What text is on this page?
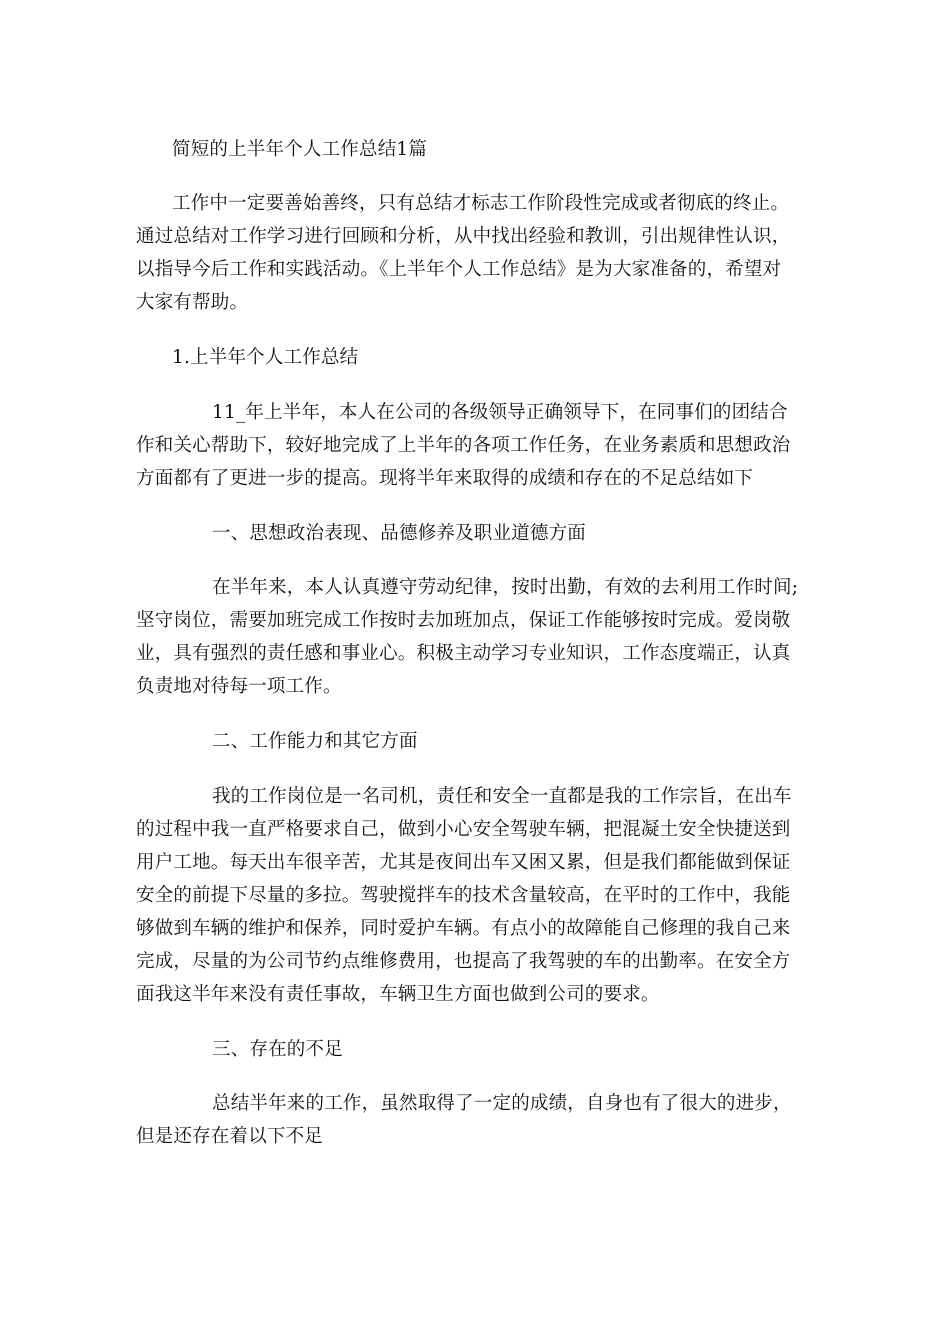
简短的上半年个人工作总结1篇
工作中一定要善始善终，只有总结才标志工作阶段性完成或者彻底的终止。
通过总结对工作学习进行回顾和分析，从中找出经验和教训，引出规律性认识，
以指导今后工作和实践活动。《上半年个人工作总结》是为大家准备的，希望对
大家有帮助。
1.上半年个人工作总结
11_年上半年，本人在公司的各级领导正确领导下，在同事们的团结合
作和关心帮助下，较好地完成了上半年的各项工作任务，在业务素质和思想政治
方面都有了更进一步的提高。现将半年来取得的成绩和存在的不足总结如下
一、思想政治表现、品德修养及职业道德方面
在半年来，本人认真遵守劳动纪律，按时出勤，有效的去利用工作时间;
坚守岗位，需要加班完成工作按时去加班加点，保证工作能够按时完成。爱岗敬
业，具有强烈的责任感和事业心。积极主动学习专业知识，工作态度端正，认真
负责地对待每一项工作。
二、工作能力和其它方面
我的工作岗位是一名司机，责任和安全一直都是我的工作宗旨，在出车
的过程中我一直严格要求自己，做到小心安全驾驶车辆，把混凝土安全快捷送到
用户工地。每天出车很辛苦，尤其是夜间出车又困又累，但是我们都能做到保证
安全的前提下尽量的多拉。驾驶搅拌车的技术含量较高，在平时的工作中，我能
够做到车辆的维护和保养，同时爱护车辆。有点小的故障能自己修理的我自己来
完成，尽量的为公司节约点维修费用，也提高了我驾驶的车的出勤率。在安全方
面我这半年来没有责任事故，车辆卫生方面也做到公司的要求。
三、存在的不足
总结半年来的工作，虽然取得了一定的成绩，自身也有了很大的进步，
但是还存在着以下不足
